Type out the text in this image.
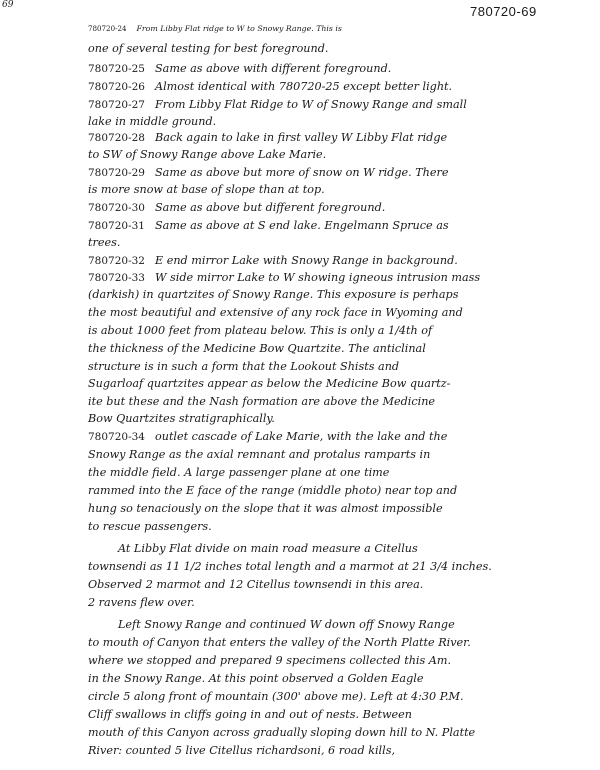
69	780720-69
780720-24 From Libby Flat ridge to W to Snowy Range. This is
one of several testing for best foreground.
780720-25 Same as above with different foreground.
780720-26 Almost identical with 780720-25 except better light.
780720-27 From Libby Flat Ridge to W of Snowy Range and small
lake in middle ground.
780720-28 Back again to lake in first valley W Libby Flat ridge
to SW of Snowy Range above Lake Marie.
780720-29 Same as above but more of snow on W ridge. There
is more snow at base of slope than at top.
780720-30 Same as above but different foreground.
780720-31 Same as above at S end lake. Engelmann Spruce as
trees.
780720-32 E end mirror Lake with Snowy Range in background.
780720-33 W side mirror Lake to W showing igneous intrusion mass
(darkish) in quartzites of Snowy Range. This exposure is perhaps
the most beautiful and extensive of any rock face in Wyoming and
is about 1000 feet from plateau below. This is only a 1/4th of
the thickness of the Medicine Bow Quartzite. The anticlinal
structure is in such a form that the Lookout Shists and
Sugarloaf quartzites appear as below the Medicine Bow quartz-
ite but these and the Nash formation are above the Medicine
Bow Quartzites stratigraphically.
780720-34 outlet cascade of Lake Marie, with the lake and the
Snowy Range as the axial remnant and protalus ramparts in
the middle field. A large passenger plane at one time
rammed into the E face of the range (middle photo) near top and
hung so tenaciously on the slope that it was almost impossible
to rescue passengers.
At Libby Flat divide on main road measure a Citellus
townsendi as 11 1/2 inches total length and a marmot at 21 3/4 inches.
Observed 2 marmot and 12 Citellus townsendi in this area.
2 ravens flew over.
Left Snowy Range and continued W down off Snowy Range
to mouth of Canyon that enters the valley of the North Platte River.
where we stopped and prepared 9 specimens collected this Am.
in the Snowy Range. At this point observed a Golden Eagle
circle 5 along front of mountain (300' above me). Left at 4:30 P.M.
Cliff swallows in cliffs going in and out of nests. Between
mouth of this Canyon across gradually sloping down hill to N. Platte
River: counted 5 live Citellus richardsoni, 6 road kills,
